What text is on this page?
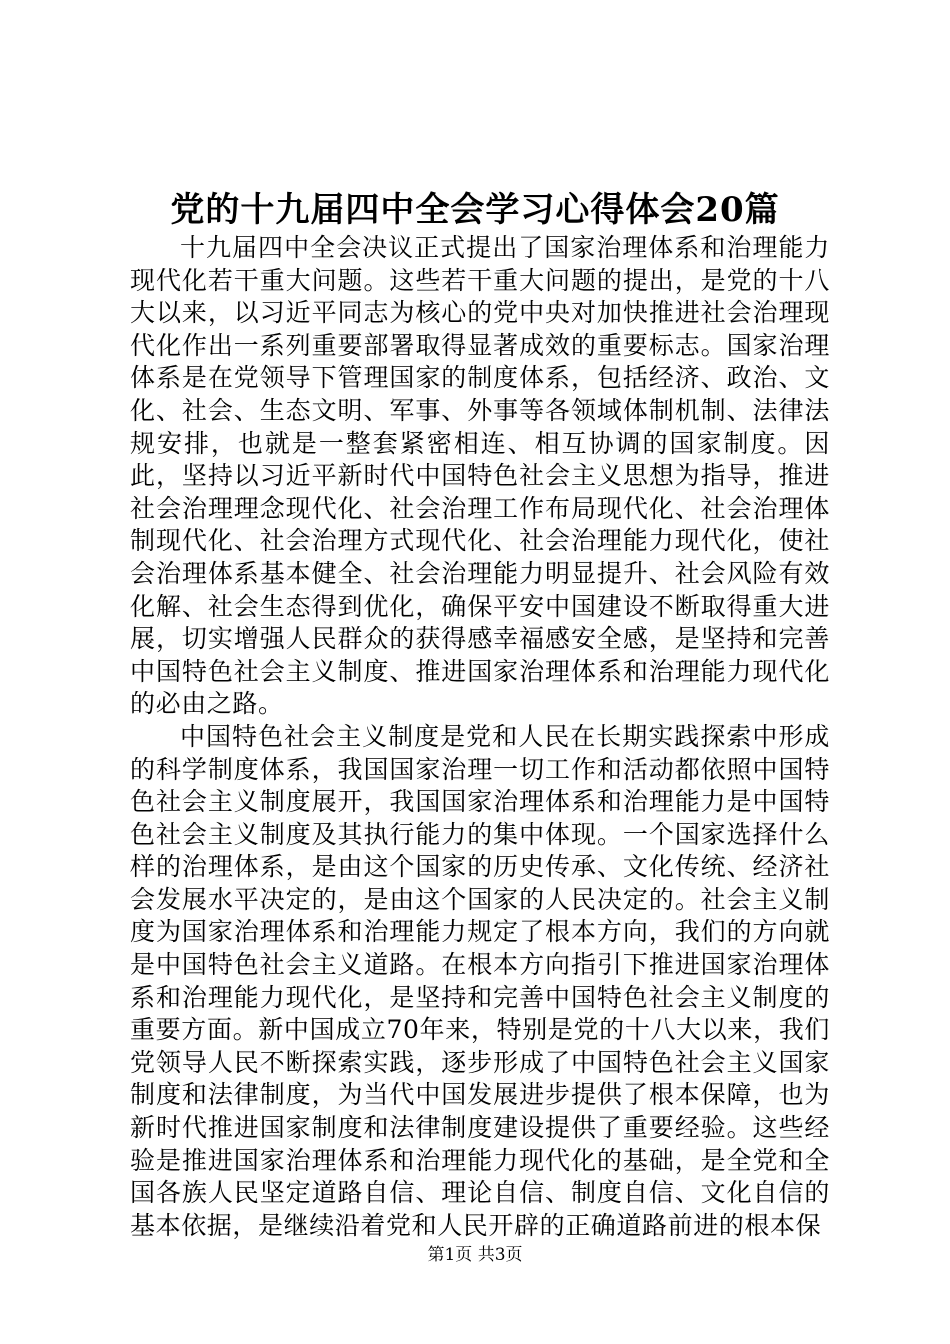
党的十九届四中全会学习心得体会20篇

十九届四中全会决议正式提出了国家治理体系和治理能力现代化若干重大问题。这些若干重大问题的提出，是党的十八大以来，以习近平同志为核心的党中央对加快推进社会治理现代化作出一系列重要部署取得显著成效的重要标志。国家治理体系是在党领导下管理国家的制度体系，包括经济、政治、文化、社会、生态文明、军事、外事等各领域体制机制、法律法规安排，也就是一整套紧密相连、相互协调的国家制度。因此，坚持以习近平新时代中国特色社会主义思想为指导，推进社会治理理念现代化、社会治理工作布局现代化、社会治理体制现代化、社会治理方式现代化、社会治理能力现代化，使社会治理体系基本健全、社会治理能力明显提升、社会风险有效化解、社会生态得到优化，确保平安中国建设不断取得重大进展，切实增强人民群众的获得感幸福感安全感，是坚持和完善中国特色社会主义制度、推进国家治理体系和治理能力现代化的必由之路。

中国特色社会主义制度是党和人民在长期实践探索中形成的科学制度体系，我国国家治理一切工作和活动都依照中国特色社会主义制度展开，我国国家治理体系和治理能力是中国特色社会主义制度及其执行能力的集中体现。一个国家选择什么样的治理体系，是由这个国家的历史传承、文化传统、经济社会发展水平决定的，是由这个国家的人民决定的。社会主义制度为国家治理体系和治理能力规定了根本方向，我们的方向就是中国特色社会主义道路。在根本方向指引下推进国家治理体系和治理能力现代化，是坚持和完善中国特色社会主义制度的重要方面。新中国成立70年来，特别是党的十八大以来，我们党领导人民不断探索实践，逐步形成了中国特色社会主义国家制度和法律制度，为当代中国发展进步提供了根本保障，也为新时代推进国家制度和法律制度建设提供了重要经验。这些经验是推进国家治理体系和治理能力现代化的基础，是全党和全国各族人民坚定道路自信、理论自信、制度自信、文化自信的基本依据，是继续沿着党和人民开辟的正确道路前进的根本保

第1页 共3页
